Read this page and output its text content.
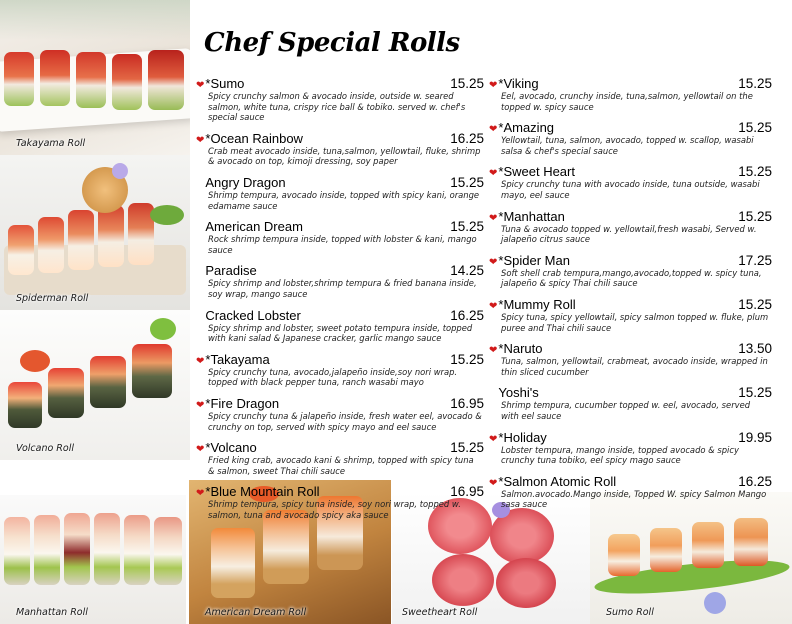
Takayama Roll
Spiderman Roll
Volcano Roll
Manhattan Roll	American Dream Roll	Sweetheart Roll	Sumo Roll
Chef Special Rolls
❤*Sumo	15.25
Spicy crunchy salmon & avocado inside, outside w. seared salmon, white tuna, crispy rice ball & tobiko. served w. chef's special sauce
❤*Ocean Rainbow	16.25
Crab meat avocado inside, tuna,salmon, yellowtail, fluke, shrimp & avocado on top, kimoji dressing, soy paper
Angry Dragon	15.25
Shrimp tempura, avocado inside, topped with spicy kani, orange edamame sauce
American Dream	15.25
Rock shrimp tempura inside, topped with lobster & kani, mango sauce
Paradise	14.25
Spicy shrimp and lobster,shrimp tempura & fried banana inside, soy wrap, mango sauce
Cracked Lobster	16.25
Spicy shrimp and lobster, sweet potato tempura inside, topped with kani salad & Japanese cracker, garlic mango sauce
❤*Takayama	15.25
Spicy crunchy tuna, avocado,jalapeño inside,soy nori wrap. topped with black pepper tuna, ranch wasabi mayo
❤*Fire Dragon	16.95
Spicy crunchy tuna & jalapeño inside, fresh water eel, avocado & crunchy on top, served with spicy mayo and eel sauce
❤*Volcano	15.25
Fried king crab, avocado kani & shrimp, topped with spicy tuna & salmon, sweet Thai chili sauce
❤*Blue Mountain Roll	16.95
Shrimp tempura, spicy tuna inside, soy nori wrap, topped w. salmon, tuna and avocado spicy aka sauce
❤*Viking	15.25
Eel, avocado, crunchy inside, tuna,salmon, yellowtail on the topped w. spicy sauce
❤*Amazing	15.25
Yellowtail, tuna, salmon, avocado, topped w. scallop, wasabi salsa & chef's special sauce
❤*Sweet Heart	15.25
Spicy crunchy tuna with avocado inside, tuna outside, wasabi mayo, eel sauce
❤*Manhattan	15.25
Tuna & avocado topped w. yellowtail,fresh wasabi, Served w. jalapeño citrus sauce
❤*Spider Man	17.25
Soft shell crab tempura,mango,avocado,topped w. spicy tuna, jalapeño & spicy Thai chili sauce
❤*Mummy Roll	15.25
Spicy tuna, spicy yellowtail, spicy salmon topped w. fluke, plum puree and Thai chili sauce
❤*Naruto	13.50
Tuna, salmon, yellowtail, crabmeat, avocado inside, wrapped in thin sliced cucumber
Yoshi's	15.25
Shrimp tempura, cucumber topped w. eel, avocado, served with eel sauce
❤*Holiday	19.95
Lobster tempura, mango inside, topped avocado & spicy crunchy tuna tobiko, eel spicy mago sauce
❤*Salmon Atomic Roll	16.25
Salmon.avocado.Mango inside, Topped W. spicy Salmon Mango sasa sauce
